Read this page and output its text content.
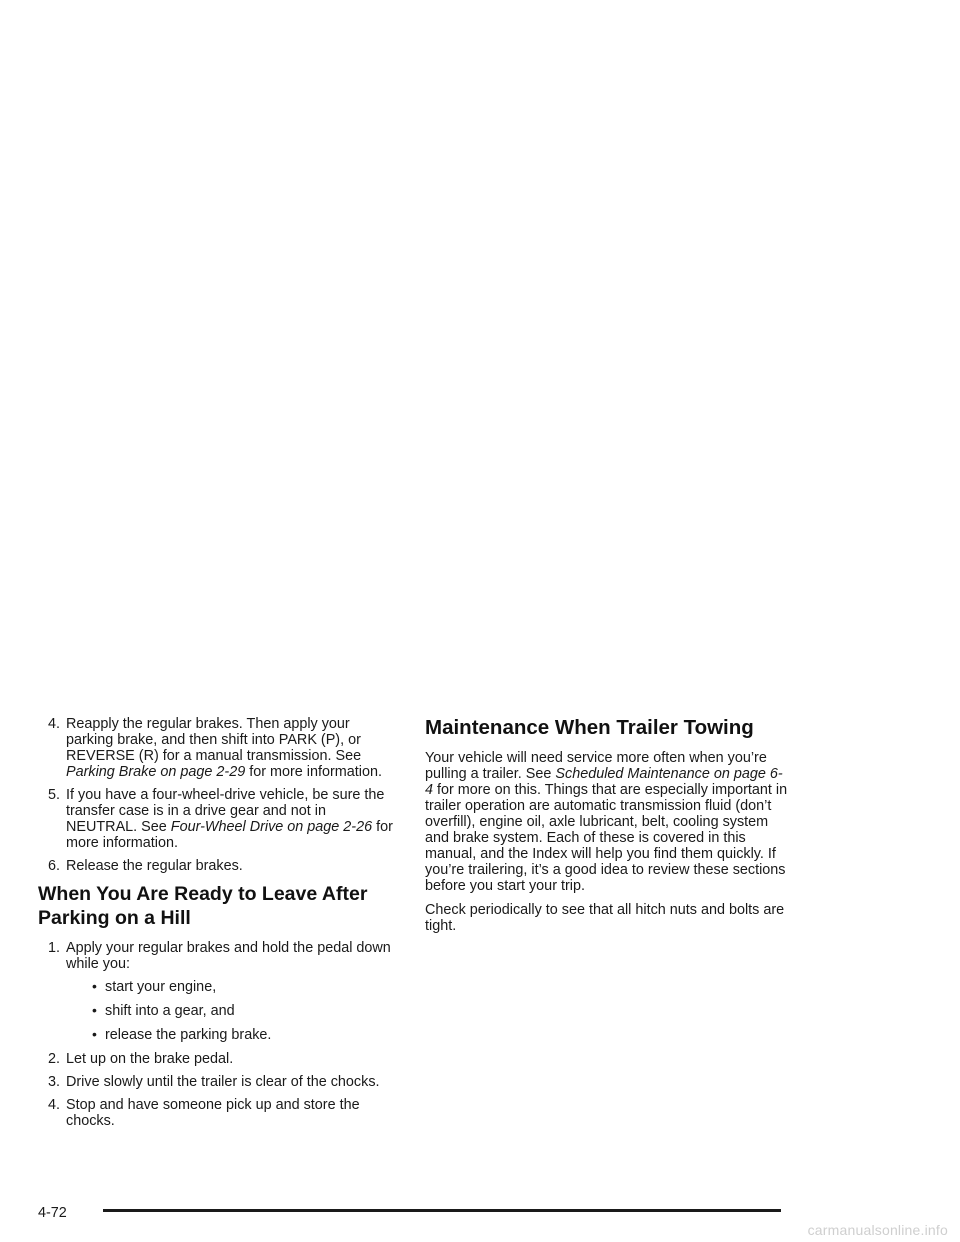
4. Reapply the regular brakes. Then apply your parking brake, and then shift into PARK (P), or REVERSE (R) for a manual transmission. See Parking Brake on page 2-29 for more information.
5. If you have a four-wheel-drive vehicle, be sure the transfer case is in a drive gear and not in NEUTRAL. See Four-Wheel Drive on page 2-26 for more information.
6. Release the regular brakes.
When You Are Ready to Leave After Parking on a Hill
1. Apply your regular brakes and hold the pedal down while you:
• start your engine,
• shift into a gear, and
• release the parking brake.
2. Let up on the brake pedal.
3. Drive slowly until the trailer is clear of the chocks.
4. Stop and have someone pick up and store the chocks.
Maintenance When Trailer Towing

Your vehicle will need service more often when you’re pulling a trailer. See Scheduled Maintenance on page 6-4 for more on this. Things that are especially important in trailer operation are automatic transmission fluid (don’t overfill), engine oil, axle lubricant, belt, cooling system and brake system. Each of these is covered in this manual, and the Index will help you find them quickly. If you’re trailering, it’s a good idea to review these sections before you start your trip.

Check periodically to see that all hitch nuts and bolts are tight.

4-72
carmanualsonline.info
